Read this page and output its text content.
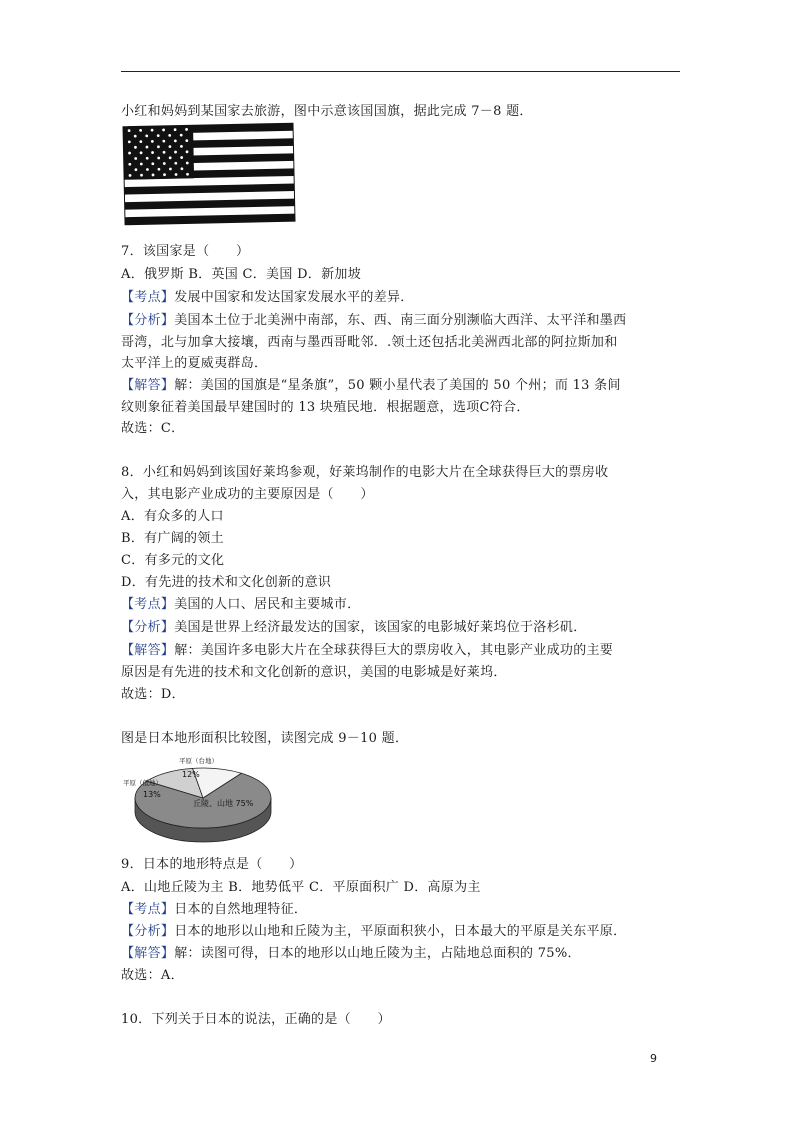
小红和妈妈到某国家去旅游，图中示意该国国旗，据此完成 7－8 题．
7．该国家是（　　）
A．俄罗斯 B．英国 C．美国 D．新加坡
【考点】发展中国家和发达国家发展水平的差异．
【分析】美国本土位于北美洲中南部，东、西、南三面分别濒临大西洋、太平洋和墨西
哥湾，北与加拿大接壤，西南与墨西哥毗邻．.领土还包括北美洲西北部的阿拉斯加和
太平洋上的夏威夷群岛．
【解答】解：美国的国旗是“星条旗”，50 颗小星代表了美国的 50 个州；而 13 条间
纹则象征着美国最早建国时的 13 块殖民地．根据题意，选项C符合．
故选：C．
8．小红和妈妈到该国好莱坞参观，好莱坞制作的电影大片在全球获得巨大的票房收
入，其电影产业成功的主要原因是（　　）
A．有众多的人口
B．有广阔的领土
C．有多元的文化
D．有先进的技术和文化创新的意识
【考点】美国的人口、居民和主要城市．
【分析】美国是世界上经济最发达的国家，该国家的电影城好莱坞位于洛杉矶．
【解答】解：美国许多电影大片在全球获得巨大的票房收入，其电影产业成功的主要
原因是有先进的技术和文化创新的意识，美国的电影城是好莱坞．
故选：D．
图是日本地形面积比较图，读图完成 9－10 题．
平原（台地）
12%
平原（低地）
13%
丘陵、山地 75%
9．日本的地形特点是（　　）
A．山地丘陵为主 B．地势低平 C．平原面积广 D．高原为主
【考点】日本的自然地理特征．
【分析】日本的地形以山地和丘陵为主，平原面积狭小，日本最大的平原是关东平原．
【解答】解：读图可得，日本的地形以山地丘陵为主，占陆地总面积的 75%．
故选：A．
10．下列关于日本的说法，正确的是（　　）
9
